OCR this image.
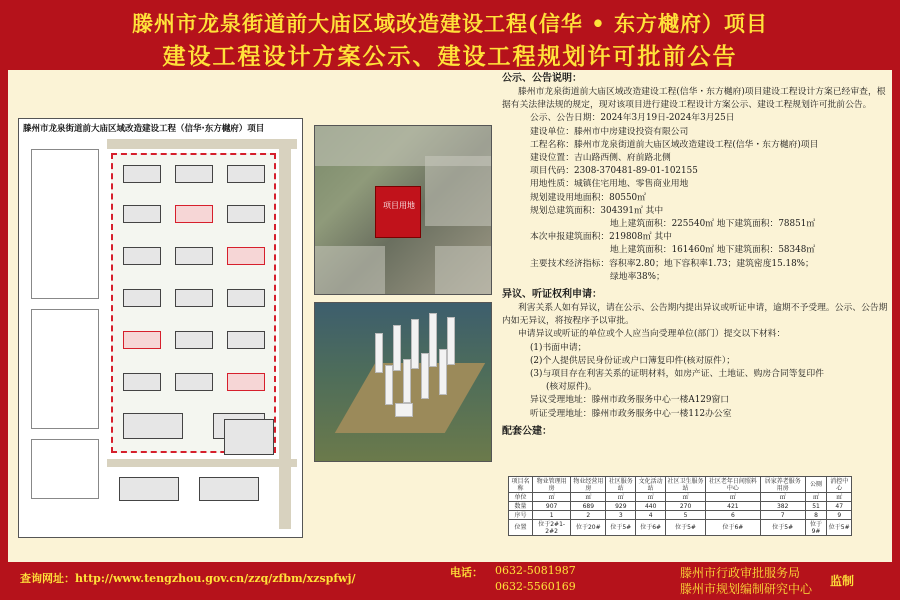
滕州市龙泉街道前大庙区域改造建设工程(信华 • 东方樾府）项目
建设工程设计方案公示、建设工程规划许可批前公告
滕州市龙泉街道前大庙区域改造建设工程（信华·东方樾府）项目
项目用地
公示、公告说明：
滕州市龙泉街道前大庙区域改造建设工程(信华・东方樾府)项目建设工程设计方案已经审查，根据有关法律法规的规定，现对该项目进行建设工程设计方案公示、建设工程规划许可批前公告。
公示、公告日期：2024年3月19日-2024年3月25日
建设单位：滕州市中房建设投资有限公司
工程名称：滕州市龙泉街道前大庙区域改造建设工程(信华・东方樾府)项目
建设位置：吉山路西侧、府前路北侧
项目代码：2308-370481-89-01-102155
用地性质：城镇住宅用地、零售商业用地
规划建设用地面积：80550㎡
规划总建筑面积：304391㎡ 其中
地上建筑面积：225540㎡ 地下建筑面积：78851㎡
本次申报建筑面积：219808㎡ 其中
地上建筑面积：161460㎡ 地下建筑面积：58348㎡
主要技术经济指标：容积率2.80；地下容积率1.73；建筑密度15.18%；
绿地率38%；
异议、听证权利申请：
利害关系人如有异议，请在公示、公告期内提出异议或听证申请，逾期不予受理。公示、公告期内如无异议，将按程序予以审批。
申请异议或听证的单位或个人应当向受理单位(部门）提交以下材料：
(1)书面申请；
(2)个人提供居民身份证或户口簿复印件(核对原件）；
(3)与项目存在利害关系的证明材料，如房产证、土地证、购房合同等复印件
(核对原件)。
异议受理地址：滕州市政务服务中心一楼A129窗口
听证受理地址：滕州市政务服务中心一楼112办公室
配套公建：
项目名称	物业管理用房	物业经营用房	社区服务站	文化活动站	社区卫生服务站	社区老年日间照料中心	居家养老服务用房	公厕	消控中心
单位	㎡	㎡	㎡	㎡	㎡	㎡	㎡	㎡	㎡
数量	907	689	929	440	270	421	382	51	47
序号	1	2	3	4	5	6	7	8	9
位置	位于2#1-2#2	位于20#	位于5#	位于6#	位于5#	位于6#	位于5#	位于9#	位于5#
查询网址：http://www.tengzhou.gov.cn/zzq/zfbm/xzspfwj/	电话： 0632-5081987
0632-5560169
滕州市行政审批服务局
滕州市规划编制研究中心
监制
